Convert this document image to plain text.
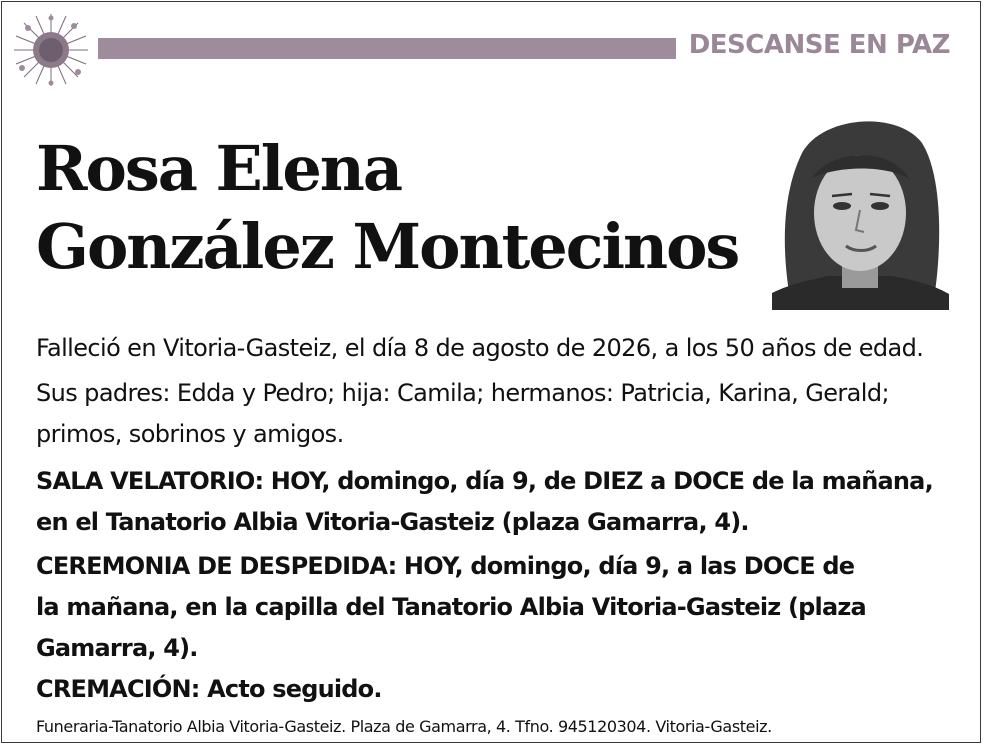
DESCANSE EN PAZ
Rosa Elena
González Montecinos
Falleció en Vitoria-Gasteiz, el día 8 de agosto de 2026, a los 50 años de edad.
Sus padres: Edda y Pedro; hija: Camila; hermanos: Patricia, Karina, Gerald;
primos, sobrinos y amigos.
SALA VELATORIO: HOY, domingo, día 9, de DIEZ a DOCE de la mañana,
en el Tanatorio Albia Vitoria-Gasteiz (plaza Gamarra, 4).
CEREMONIA DE DESPEDIDA: HOY, domingo, día 9, a las DOCE de
la mañana, en la capilla del Tanatorio Albia Vitoria-Gasteiz (plaza
Gamarra, 4).
CREMACIÓN: Acto seguido.
Funeraria-Tanatorio Albia Vitoria-Gasteiz. Plaza de Gamarra, 4. Tfno. 945120304. Vitoria-Gasteiz.
